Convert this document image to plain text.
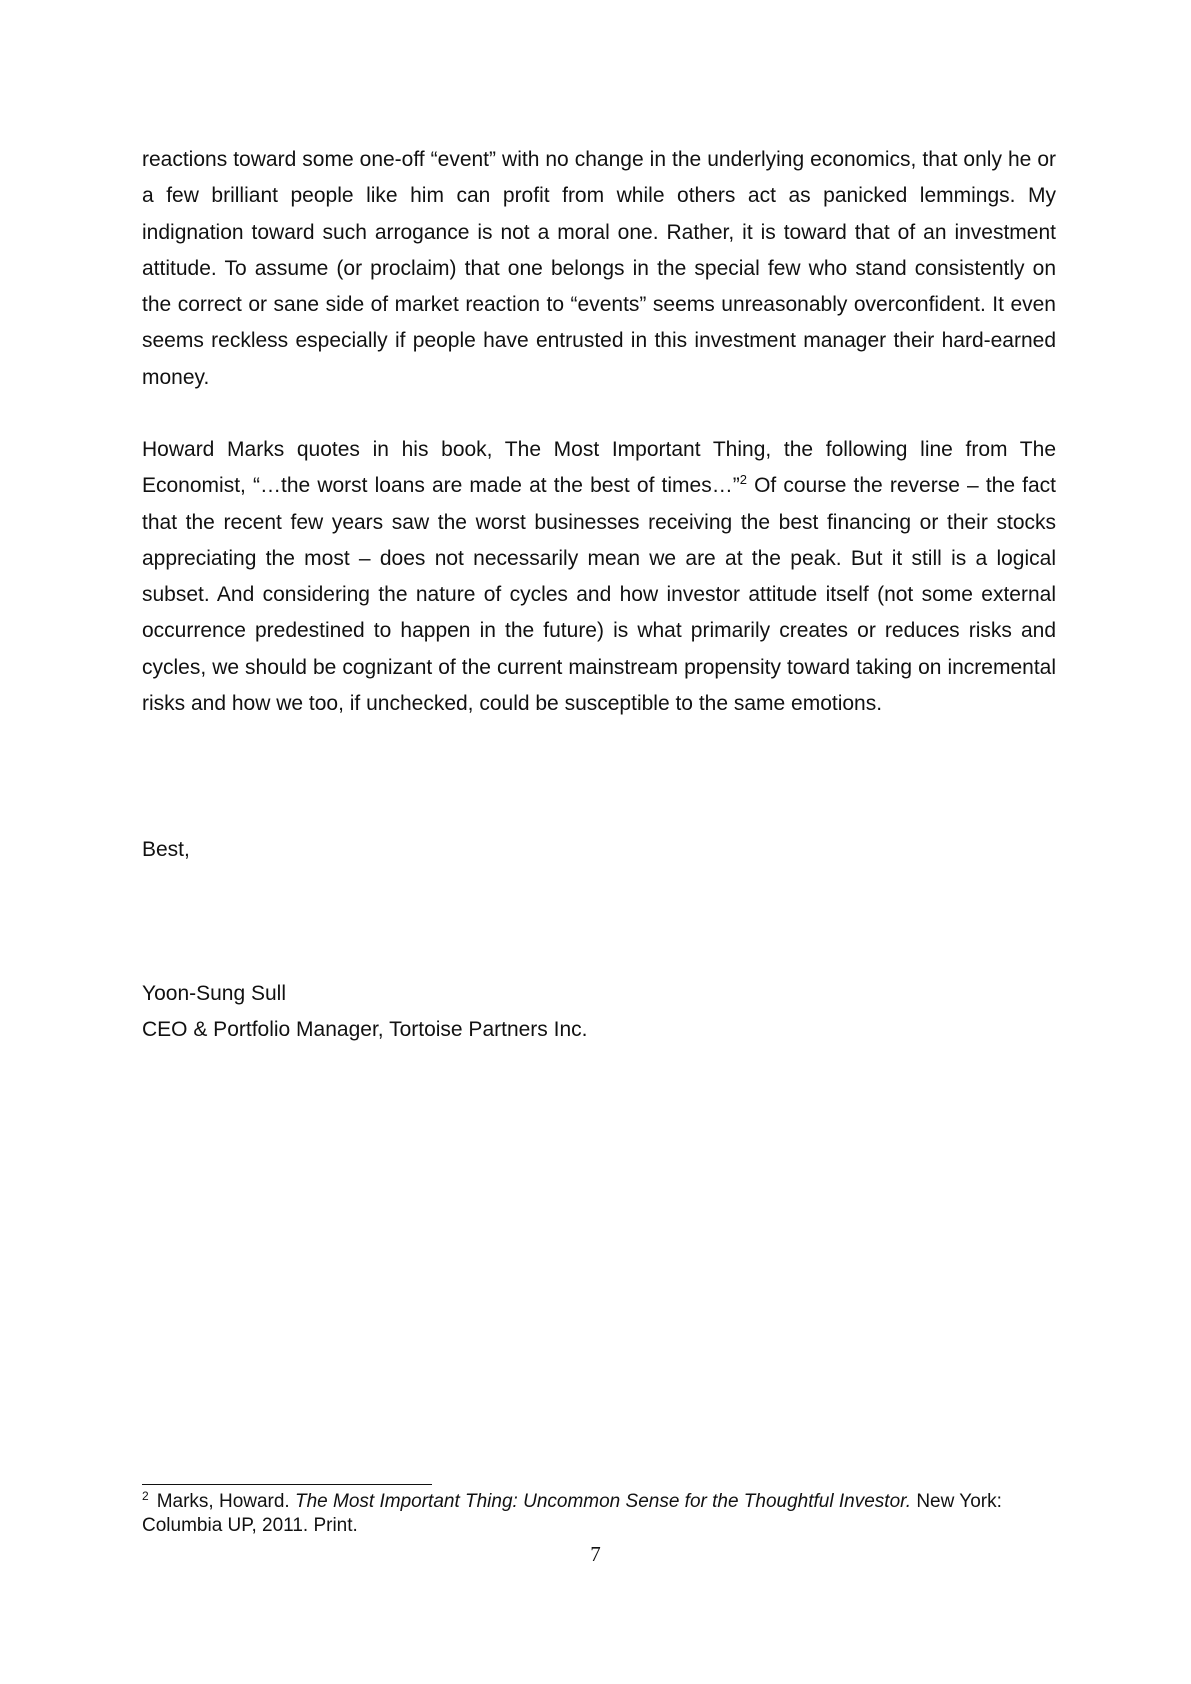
reactions toward some one-off “event” with no change in the underlying economics, that only he or a few brilliant people like him can profit from while others act as panicked lemmings. My indignation toward such arrogance is not a moral one. Rather, it is toward that of an investment attitude. To assume (or proclaim) that one belongs in the special few who stand consistently on the correct or sane side of market reaction to “events” seems unreasonably overconfident. It even seems reckless especially if people have entrusted in this investment manager their hard-earned money.

Howard Marks quotes in his book, The Most Important Thing, the following line from The Economist, “…the worst loans are made at the best of times…”$^2$ Of course the reverse – the fact that the recent few years saw the worst businesses receiving the best financing or their stocks appreciating the most – does not necessarily mean we are at the peak. But it still is a logical subset. And considering the nature of cycles and how investor attitude itself (not some external occurrence predestined to happen in the future) is what primarily creates or reduces risks and cycles, we should be cognizant of the current mainstream propensity toward taking on incremental risks and how we too, if unchecked, could be susceptible to the same emotions.

Best,

Yoon-Sung Sull

CEO & Portfolio Manager, Tortoise Partners Inc.

$^2$ Marks, Howard. The Most Important Thing: Uncommon Sense for the Thoughtful Investor. New York: Columbia UP, 2011. Print.

7
